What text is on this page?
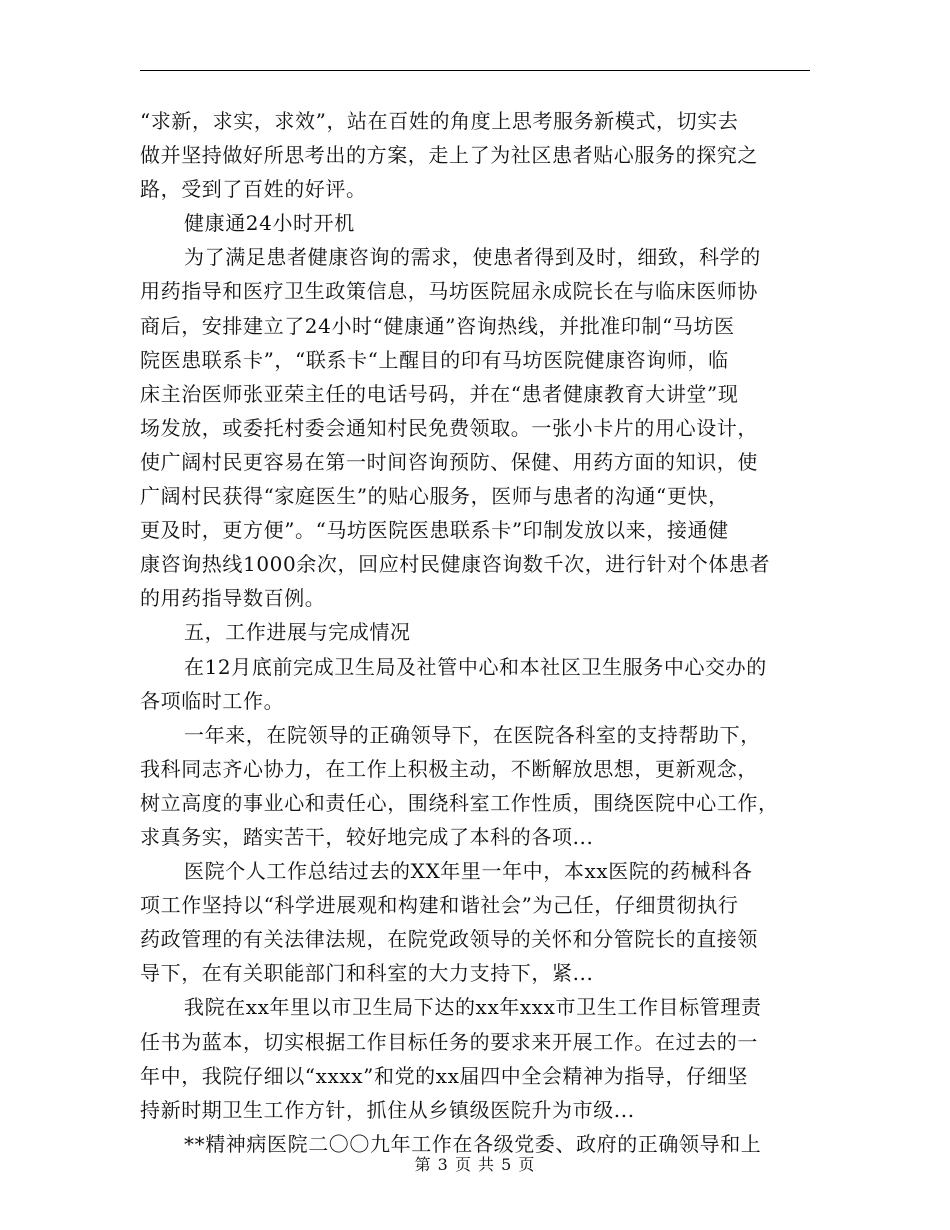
“求新，求实，求效”，站在百姓的角度上思考服务新模式，切实去
做并坚持做好所思考出的方案，走上了为社区患者贴心服务的探究之
路，受到了百姓的好评。
健康通24小时开机
为了满足患者健康咨询的需求，使患者得到及时，细致，科学的
用药指导和医疗卫生政策信息，马坊医院屈永成院长在与临床医师协
商后，安排建立了24小时“健康通”咨询热线，并批准印制“马坊医
院医患联系卡”，“联系卡“上醒目的印有马坊医院健康咨询师，临
床主治医师张亚荣主任的电话号码，并在“患者健康教育大讲堂”现
场发放，或委托村委会通知村民免费领取。一张小卡片的用心设计，
使广阔村民更容易在第一时间咨询预防、保健、用药方面的知识，使
广阔村民获得“家庭医生”的贴心服务，医师与患者的沟通“更快，
更及时，更方便”。“马坊医院医患联系卡”印制发放以来，接通健
康咨询热线1000余次，回应村民健康咨询数千次，进行针对个体患者
的用药指导数百例。
五，工作进展与完成情况
在12月底前完成卫生局及社管中心和本社区卫生服务中心交办的
各项临时工作。
一年来，在院领导的正确领导下，在医院各科室的支持帮助下，
我科同志齐心协力，在工作上积极主动，不断解放思想，更新观念，
树立高度的事业心和责任心，围绕科室工作性质，围绕医院中心工作，
求真务实，踏实苦干，较好地完成了本科的各项...
医院个人工作总结过去的XX年里一年中，本xx医院的药械科各
项工作坚持以“科学进展观和构建和谐社会”为己任，仔细贯彻执行
药政管理的有关法律法规，在院党政领导的关怀和分管院长的直接领
导下，在有关职能部门和科室的大力支持下，紧...
我院在xx年里以市卫生局下达的xx年xxx市卫生工作目标管理责
任书为蓝本，切实根据工作目标任务的要求来开展工作。在过去的一
年中，我院仔细以“xxxx”和党的xx届四中全会精神为指导，仔细坚
持新时期卫生工作方针，抓住从乡镇级医院升为市级...
**精神病医院二〇〇九年工作在各级党委、政府的正确领导和上
第 3 页 共 5 页
